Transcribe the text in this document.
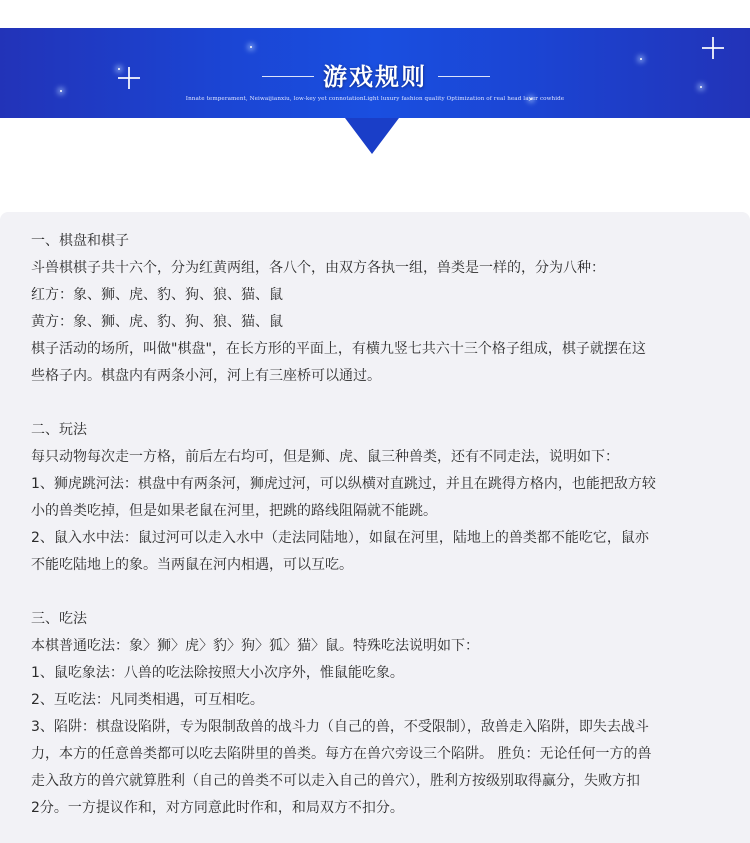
游戏规则
Innate temperament, Neiwaijianxiu, low-key yet connotationLight luxury fashion quality Optimization of real head layer cowhide

一、棋盘和棋子

斗兽棋棋子共十六个，分为红黄两组，各八个，由双方各执一组，兽类是一样的，分为八种：

红方：象、狮、虎、豹、狗、狼、猫、鼠

黄方：象、狮、虎、豹、狗、狼、猫、鼠

棋子活动的场所，叫做"棋盘"，在长方形的平面上，有横九竖七共六十三个格子组成，棋子就摆在这

些格子内。棋盘内有两条小河，河上有三座桥可以通过。

二、玩法

每只动物每次走一方格，前后左右均可，但是狮、虎、鼠三种兽类，还有不同走法，说明如下：

1、狮虎跳河法：棋盘中有两条河，狮虎过河，可以纵横对直跳过，并且在跳得方格内，也能把敌方较

小的兽类吃掉，但是如果老鼠在河里，把跳的路线阻隔就不能跳。

2、鼠入水中法：鼠过河可以走入水中（走法同陆地），如鼠在河里，陆地上的兽类都不能吃它，鼠亦

不能吃陆地上的象。当两鼠在河内相遇，可以互吃。

三、吃法

本棋普通吃法：象〉狮〉虎〉豹〉狗〉狐〉猫〉鼠。特殊吃法说明如下：

1、鼠吃象法：八兽的吃法除按照大小次序外，惟鼠能吃象。

2、互吃法：凡同类相遇，可互相吃。

3、陷阱：棋盘设陷阱，专为限制敌兽的战斗力（自己的兽，不受限制），敌兽走入陷阱，即失去战斗

力，本方的任意兽类都可以吃去陷阱里的兽类。每方在兽穴旁设三个陷阱。 胜负：无论任何一方的兽

走入敌方的兽穴就算胜利（自己的兽类不可以走入自己的兽穴），胜利方按级别取得赢分，失败方扣

2分。一方提议作和，对方同意此时作和，和局双方不扣分。
